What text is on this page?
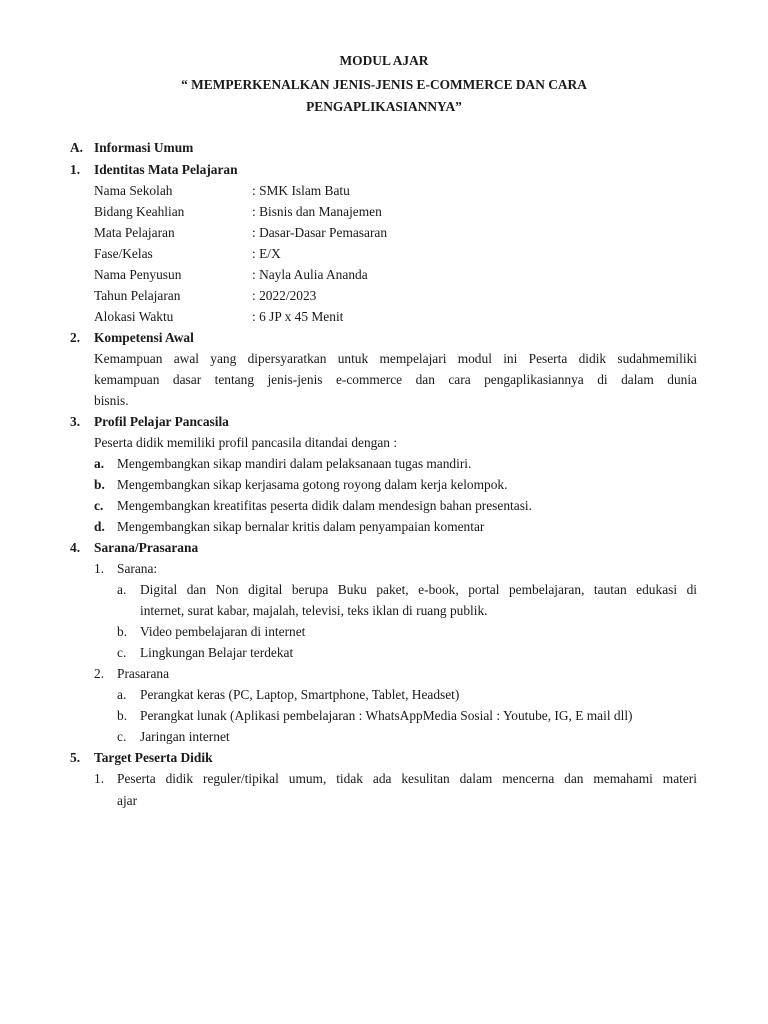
MODUL AJAR
“ MEMPERKENALKAN JENIS-JENIS E-COMMERCE DAN CARA
PENGAPLIKASIANNYA”
A. Informasi Umum
1. Identitas Mata Pelajaran
Nama Sekolah	: SMK Islam Batu
Bidang Keahlian	: Bisnis dan Manajemen
Mata Pelajaran	: Dasar-Dasar Pemasaran
Fase/Kelas	: E/X
Nama Penyusun	: Nayla Aulia Ananda
Tahun Pelajaran	: 2022/2023
Alokasi Waktu	: 6 JP x 45 Menit
2. Kompetensi Awal
Kemampuan awal yang dipersyaratkan untuk mempelajari modul ini Peserta didik sudahmemiliki
kemampuan dasar tentang jenis-jenis e-commerce dan cara pengaplikasiannya di dalam dunia
bisnis.
3. Profil Pelajar Pancasila
Peserta didik memiliki profil pancasila ditandai dengan :
a. Mengembangkan sikap mandiri dalam pelaksanaan tugas mandiri.
b. Mengembangkan sikap kerjasama gotong royong dalam kerja kelompok.
c. Mengembangkan kreatifitas peserta didik dalam mendesign bahan presentasi.
d. Mengembangkan sikap bernalar kritis dalam penyampaian komentar
4. Sarana/Prasarana
1. Sarana:
a. Digital dan Non digital berupa Buku paket, e-book, portal pembelajaran, tautan edukasi di
internet, surat kabar, majalah, televisi, teks iklan di ruang publik.
b. Video pembelajaran di internet
c. Lingkungan Belajar terdekat
2. Prasarana
a. Perangkat keras (PC, Laptop, Smartphone, Tablet, Headset)
b. Perangkat lunak (Aplikasi pembelajaran : WhatsAppMedia Sosial : Youtube, IG, E mail dll)
c. Jaringan internet
5. Target Peserta Didik
1. Peserta didik reguler/tipikal umum, tidak ada kesulitan dalam mencerna dan memahami materi
ajar
